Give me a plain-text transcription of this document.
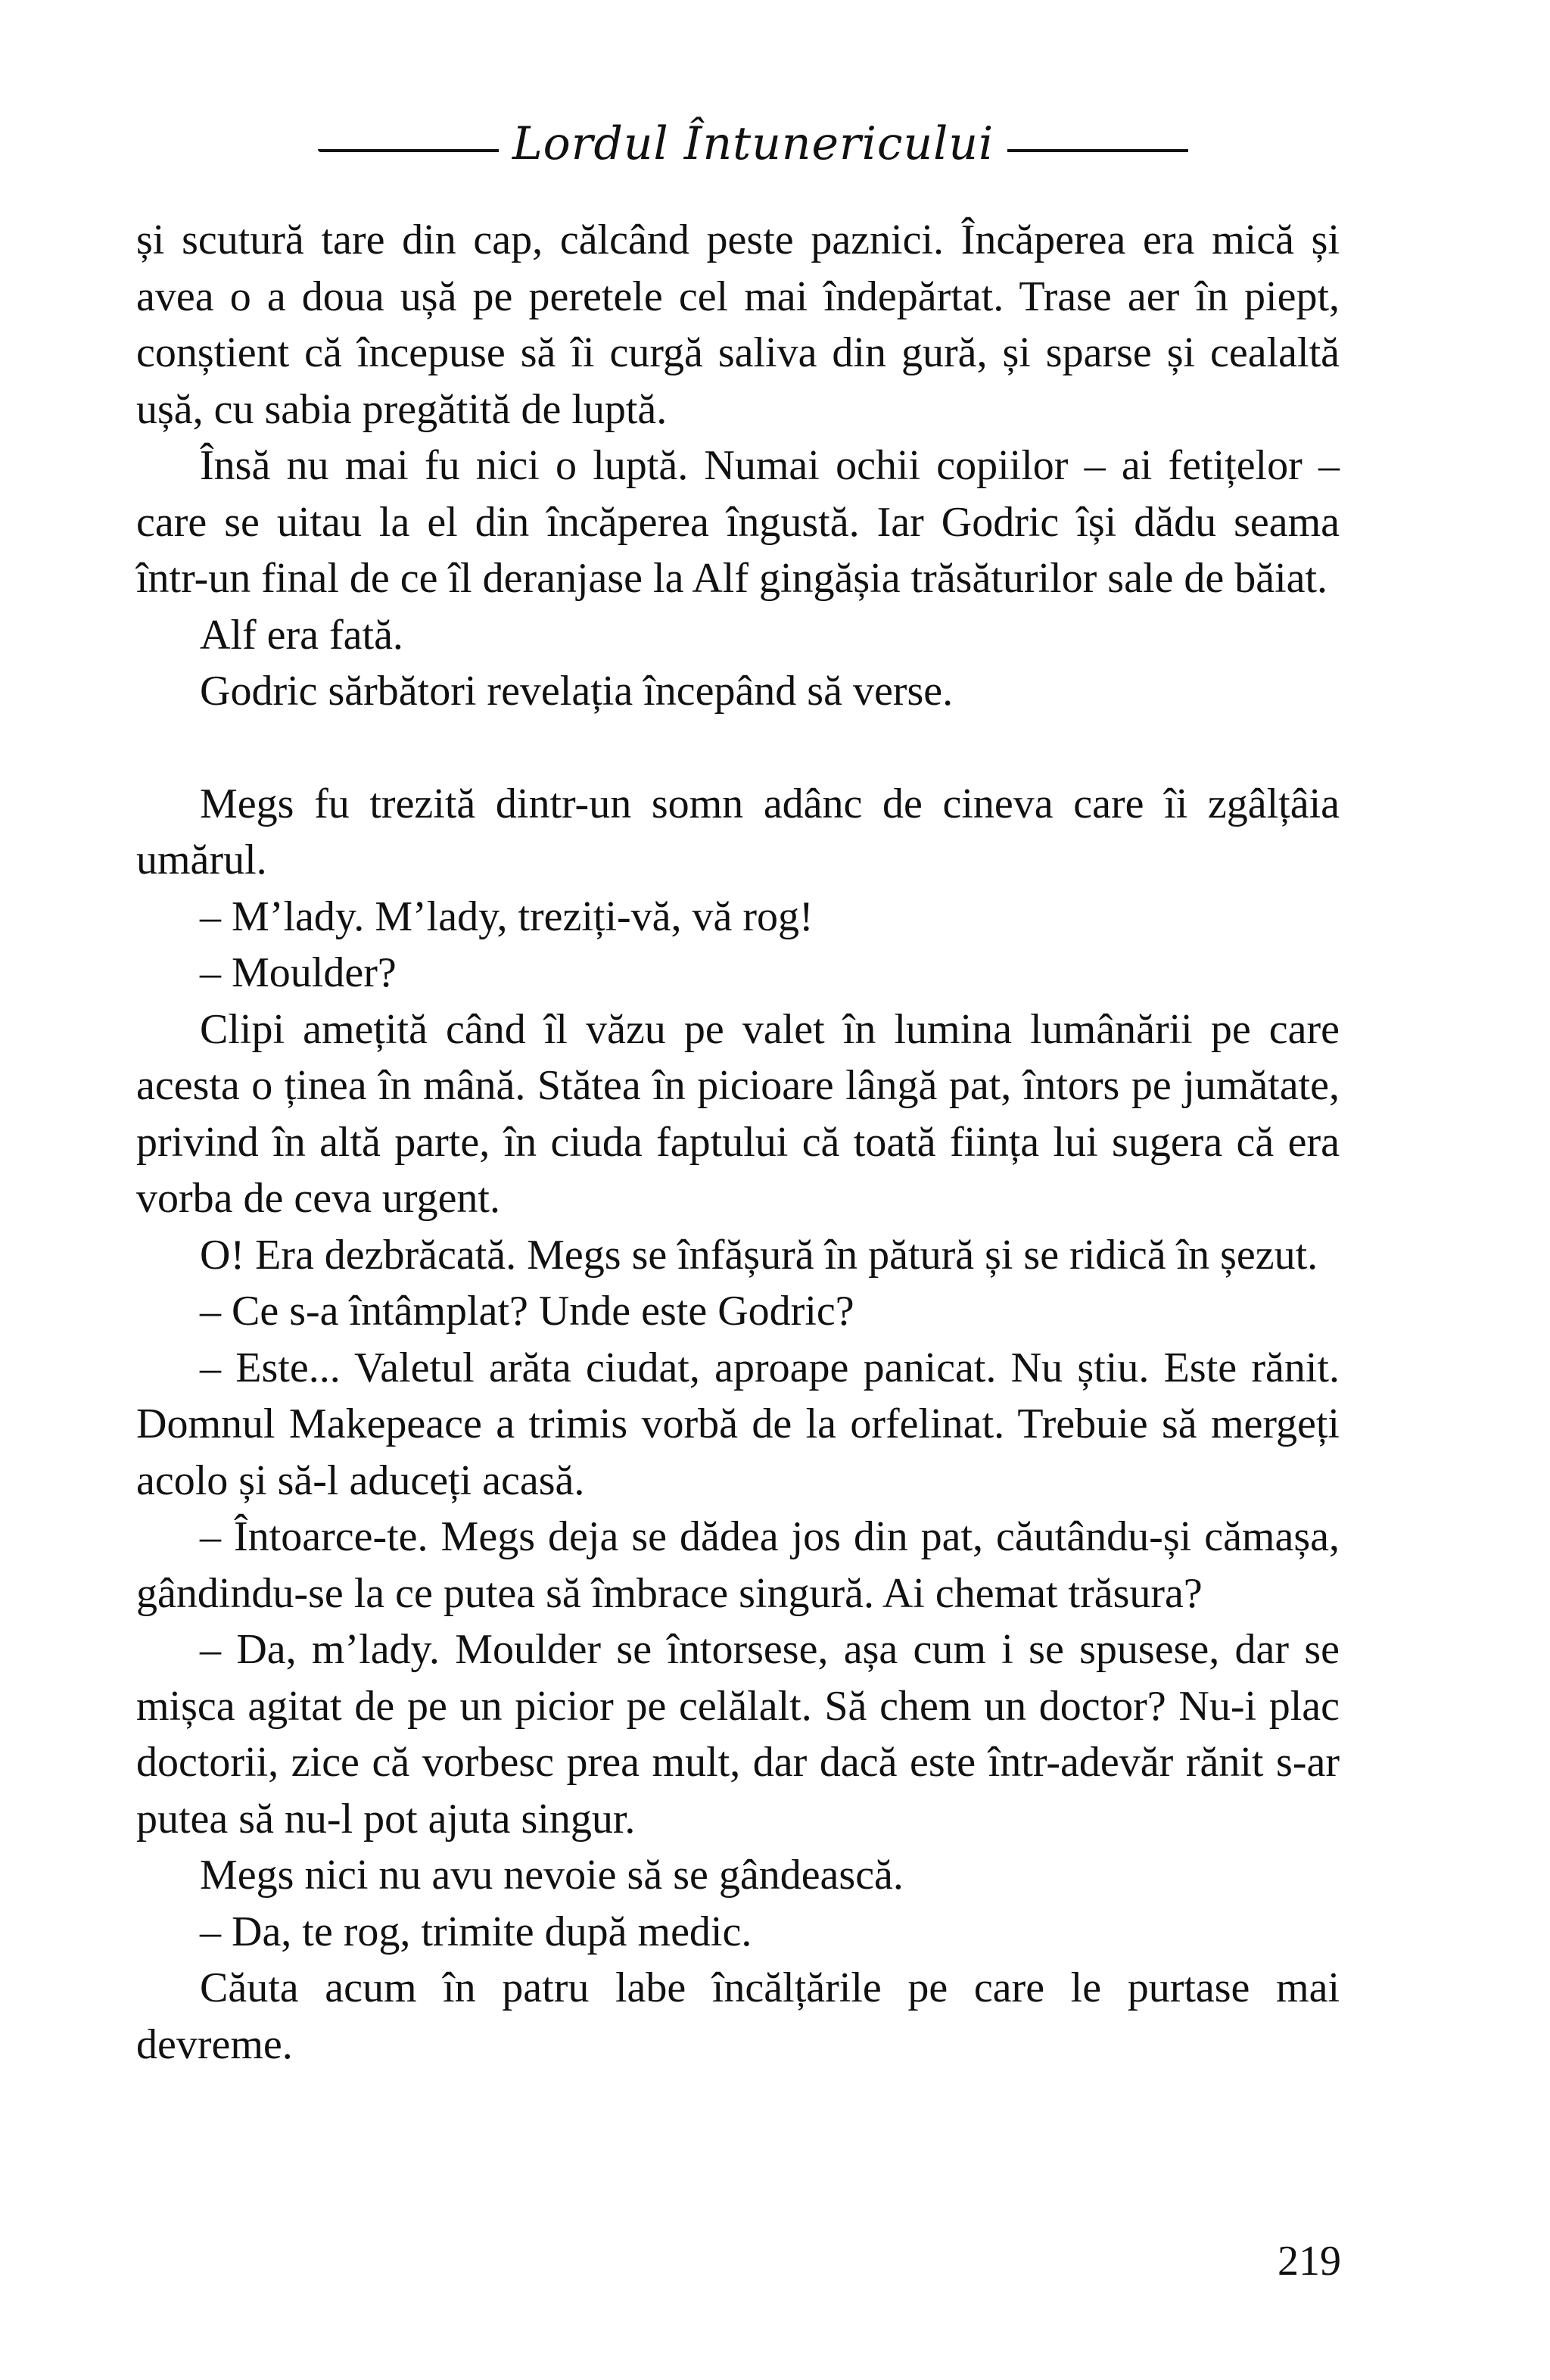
Lordul Întunericului

și scutură tare din cap, călcând peste paznici. Încăperea era mică și avea o a doua ușă pe peretele cel mai îndepărtat. Trase aer în piept, conștient că începuse să îi curgă saliva din gură, și sparse și cealaltă ușă, cu sabia pregătită de luptă.

Însă nu mai fu nici o luptă. Numai ochii copiilor – ai fetițelor – care se uitau la el din încăperea îngustă. Iar Godric își dădu seama într-un final de ce îl deranjase la Alf gingășia trăsăturilor sale de băiat.

Alf era fată.

Godric sărbători revelația începând să verse.

Megs fu trezită dintr-un somn adânc de cineva care îi zgâlțâia umărul.

– M’lady. M’lady, treziți-vă, vă rog!

– Moulder?

Clipi amețită când îl văzu pe valet în lumina lumânării pe care acesta o ținea în mână. Stătea în picioare lângă pat, întors pe jumătate, privind în altă parte, în ciuda faptului că toată ființa lui sugera că era vorba de ceva urgent.

O! Era dezbrăcată. Megs se înfășură în pătură și se ridică în șezut.

– Ce s-a întâmplat? Unde este Godric?

– Este... Valetul arăta ciudat, aproape panicat. Nu știu. Este rănit. Domnul Makepeace a trimis vorbă de la orfelinat. Trebuie să mergeți acolo și să-l aduceți acasă.

– Întoarce-te. Megs deja se dădea jos din pat, căutându-și cămașa, gândindu-se la ce putea să îmbrace singură. Ai chemat trăsura?

– Da, m’lady. Moulder se întorsese, așa cum i se spusese, dar se mișca agitat de pe un picior pe celălalt. Să chem un doctor? Nu-i plac doctorii, zice că vorbesc prea mult, dar dacă este într-adevăr rănit s-ar putea să nu-l pot ajuta singur.

Megs nici nu avu nevoie să se gândească.

– Da, te rog, trimite după medic.

Căuta acum în patru labe încălțările pe care le purtase mai devreme.

219
